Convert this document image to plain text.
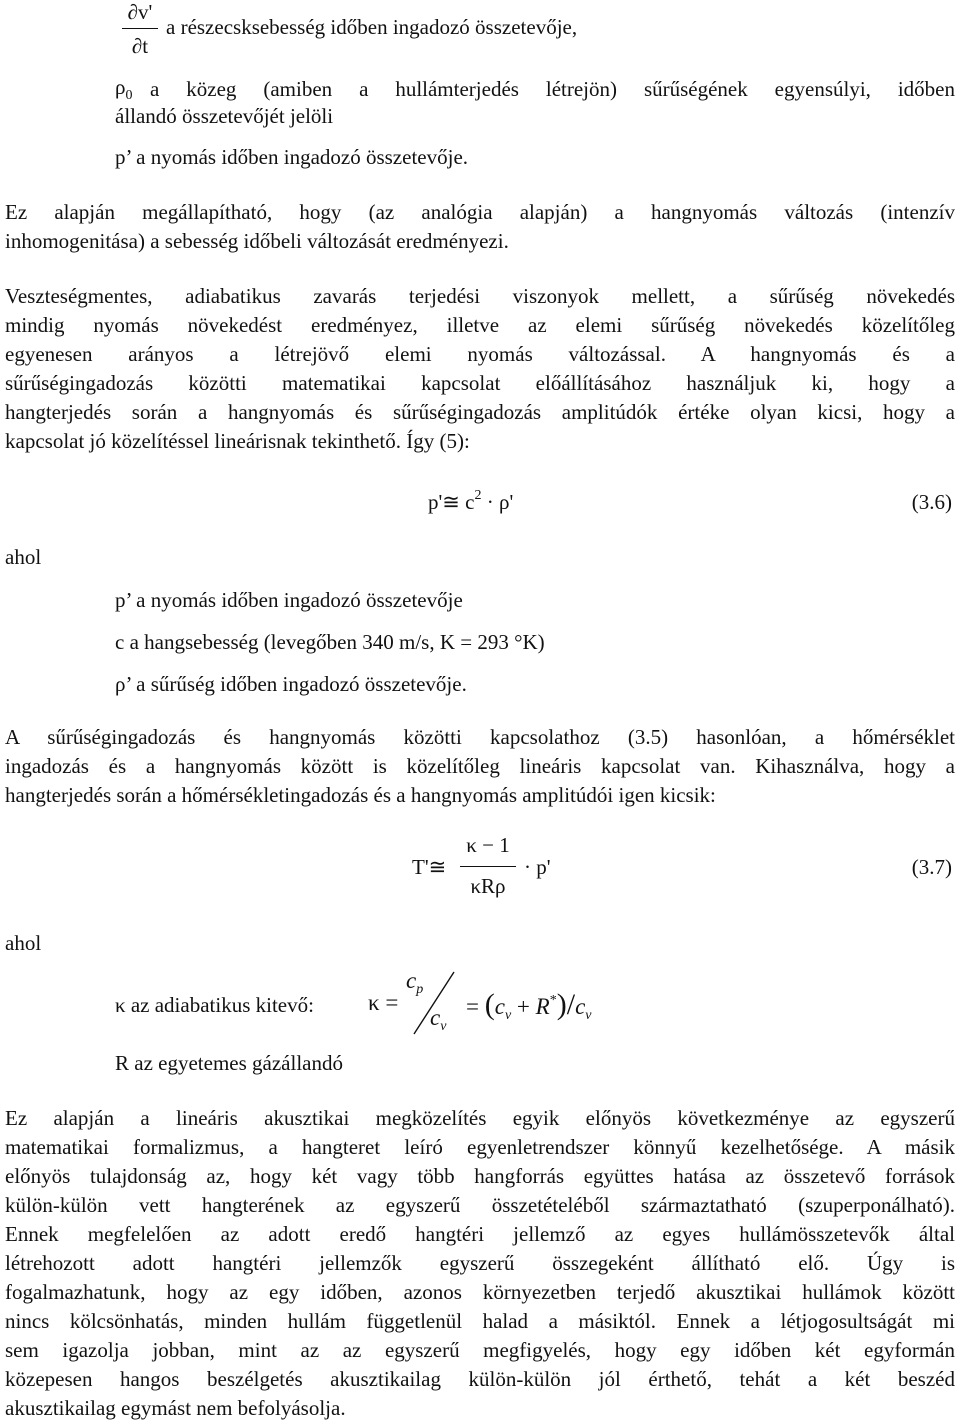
∂v'
∂t
a részecsksebesség időben ingadozó összetevője,
$\rho_0$ a közeg (amiben a hullámterjedés létrejön) sűrűségének egyensúlyi, időben
állandó összetevőjét jelöli
p’ a nyomás időben ingadozó összetevője.
Ez alapján megállapítható, hogy (az analógia alapján) a hangnyomás változás (intenzív
inhomogenitása) a sebesség időbeli változását eredményezi.
Veszteségmentes, adiabatikus zavarás terjedési viszonyok mellett, a sűrűség növekedés
mindig nyomás növekedést eredményez, illetve az elemi sűrűség növekedés közelítőleg
egyenesen arányos a létrejövő elemi nyomás változással. A hangnyomás és a
sűrűségingadozás közötti matematikai kapcsolat előállításához használjuk ki, hogy a
hangterjedés során a hangnyomás és sűrűségingadozás amplitúdók értéke olyan kicsi, hogy a
kapcsolat jó közelítéssel lineárisnak tekinthető. Így (5):
p'≅ $c^2 \cdot \rho'$	(3.6)
ahol
p’ a nyomás időben ingadozó összetevője
c a hangsebesség (levegőben 340 m/s, K = 293 °K)
ρ’ a sűrűség időben ingadozó összetevője.
A sűrűségingadozás és hangnyomás közötti kapcsolathoz (3.5) hasonlóan, a hőmérséklet
ingadozás és a hangnyomás között is közelítőleg lineáris kapcsolat van. Kihasználva, hogy a
hangterjedés során a hőmérsékletingadozás és a hangnyomás amplitúdói igen kicsik:
T'≅
κ − 1
κRρ
· p'	(3.7)
ahol
κ az adiabatikus kitevő: κ =
$c_p$
$c_v$
= $(c_v + R^*)/c_v$
R az egyetemes gázállandó
Ez alapján a lineáris akusztikai megközelítés egyik előnyös következménye az egyszerű
matematikai formalizmus, a hangteret leíró egyenletrendszer könnyű kezelhetősége. A másik
előnyös tulajdonság az, hogy két vagy több hangforrás együttes hatása az összetevő források
külön-külön vett hangterének az egyszerű összetételéből származtatható (szuperponálható).
Ennek megfelelően az adott eredő hangtéri jellemző az egyes hullámösszetevők által
létrehozott adott hangtéri jellemzők egyszerű összegeként állítható elő. Úgy is
fogalmazhatunk, hogy az egy időben, azonos környezetben terjedő akusztikai hullámok között
nincs kölcsönhatás, minden hullám függetlenül halad a másiktól. Ennek a létjogosultságát mi
sem igazolja jobban, mint az az egyszerű megfigyelés, hogy egy időben két egyformán
közepesen hangos beszélgetés akusztikailag külön-külön jól érthető, tehát a két beszéd
akusztikailag egymást nem befolyásolja.
